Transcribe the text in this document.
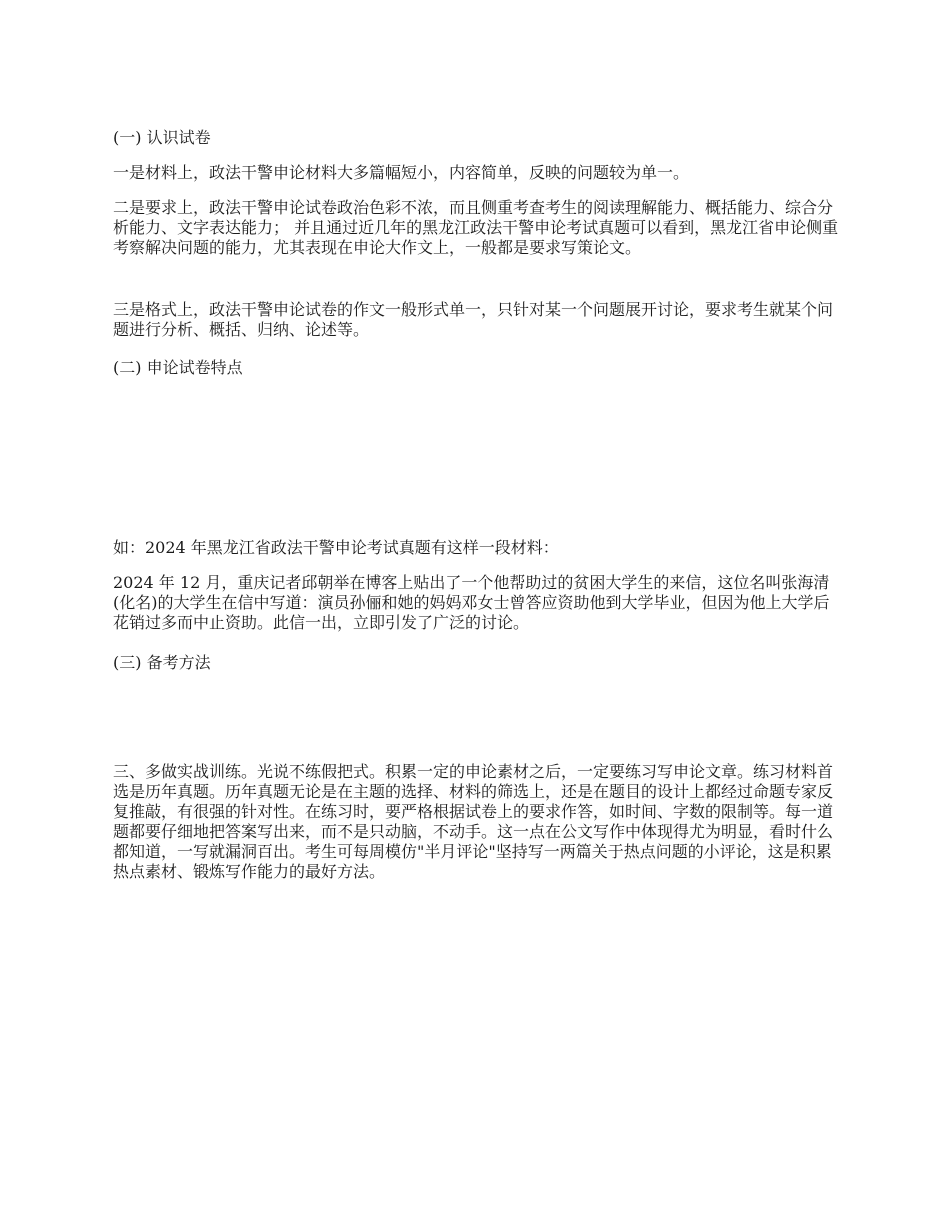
(一) 认识试卷

一是材料上，政法干警申论材料大多篇幅短小，内容简单，反映的问题较为单一。

二是要求上，政法干警申论试卷政治色彩不浓，而且侧重考查考生的阅读理解能力、概括能力、综合分析能力、文字表达能力； 并且通过近几年的黑龙江政法干警申论考试真题可以看到，黑龙江省申论侧重考察解决问题的能力，尤其表现在申论大作文上，一般都是要求写策论文。

三是格式上，政法干警申论试卷的作文一般形式单一，只针对某一个问题展开讨论，要求考生就某个问题进行分析、概括、归纳、论述等。

(二) 申论试卷特点

如：2024 年黑龙江省政法干警申论考试真题有这样一段材料：

2024 年 12 月，重庆记者邱朝举在博客上贴出了一个他帮助过的贫困大学生的来信，这位名叫张海清(化名)的大学生在信中写道：演员孙俪和她的妈妈邓女士曾答应资助他到大学毕业，但因为他上大学后花销过多而中止资助。此信一出，立即引发了广泛的讨论。

(三) 备考方法

三、多做实战训练。光说不练假把式。积累一定的申论素材之后，一定要练习写申论文章。练习材料首选是历年真题。历年真题无论是在主题的选择、材料的筛选上，还是在题目的设计上都经过命题专家反复推敲，有很强的针对性。在练习时，要严格根据试卷上的要求作答，如时间、字数的限制等。每一道题都要仔细地把答案写出来，而不是只动脑，不动手。这一点在公文写作中体现得尤为明显，看时什么都知道，一写就漏洞百出。考生可每周模仿"半月评论"坚持写一两篇关于热点问题的小评论，这是积累热点素材、锻炼写作能力的最好方法。
